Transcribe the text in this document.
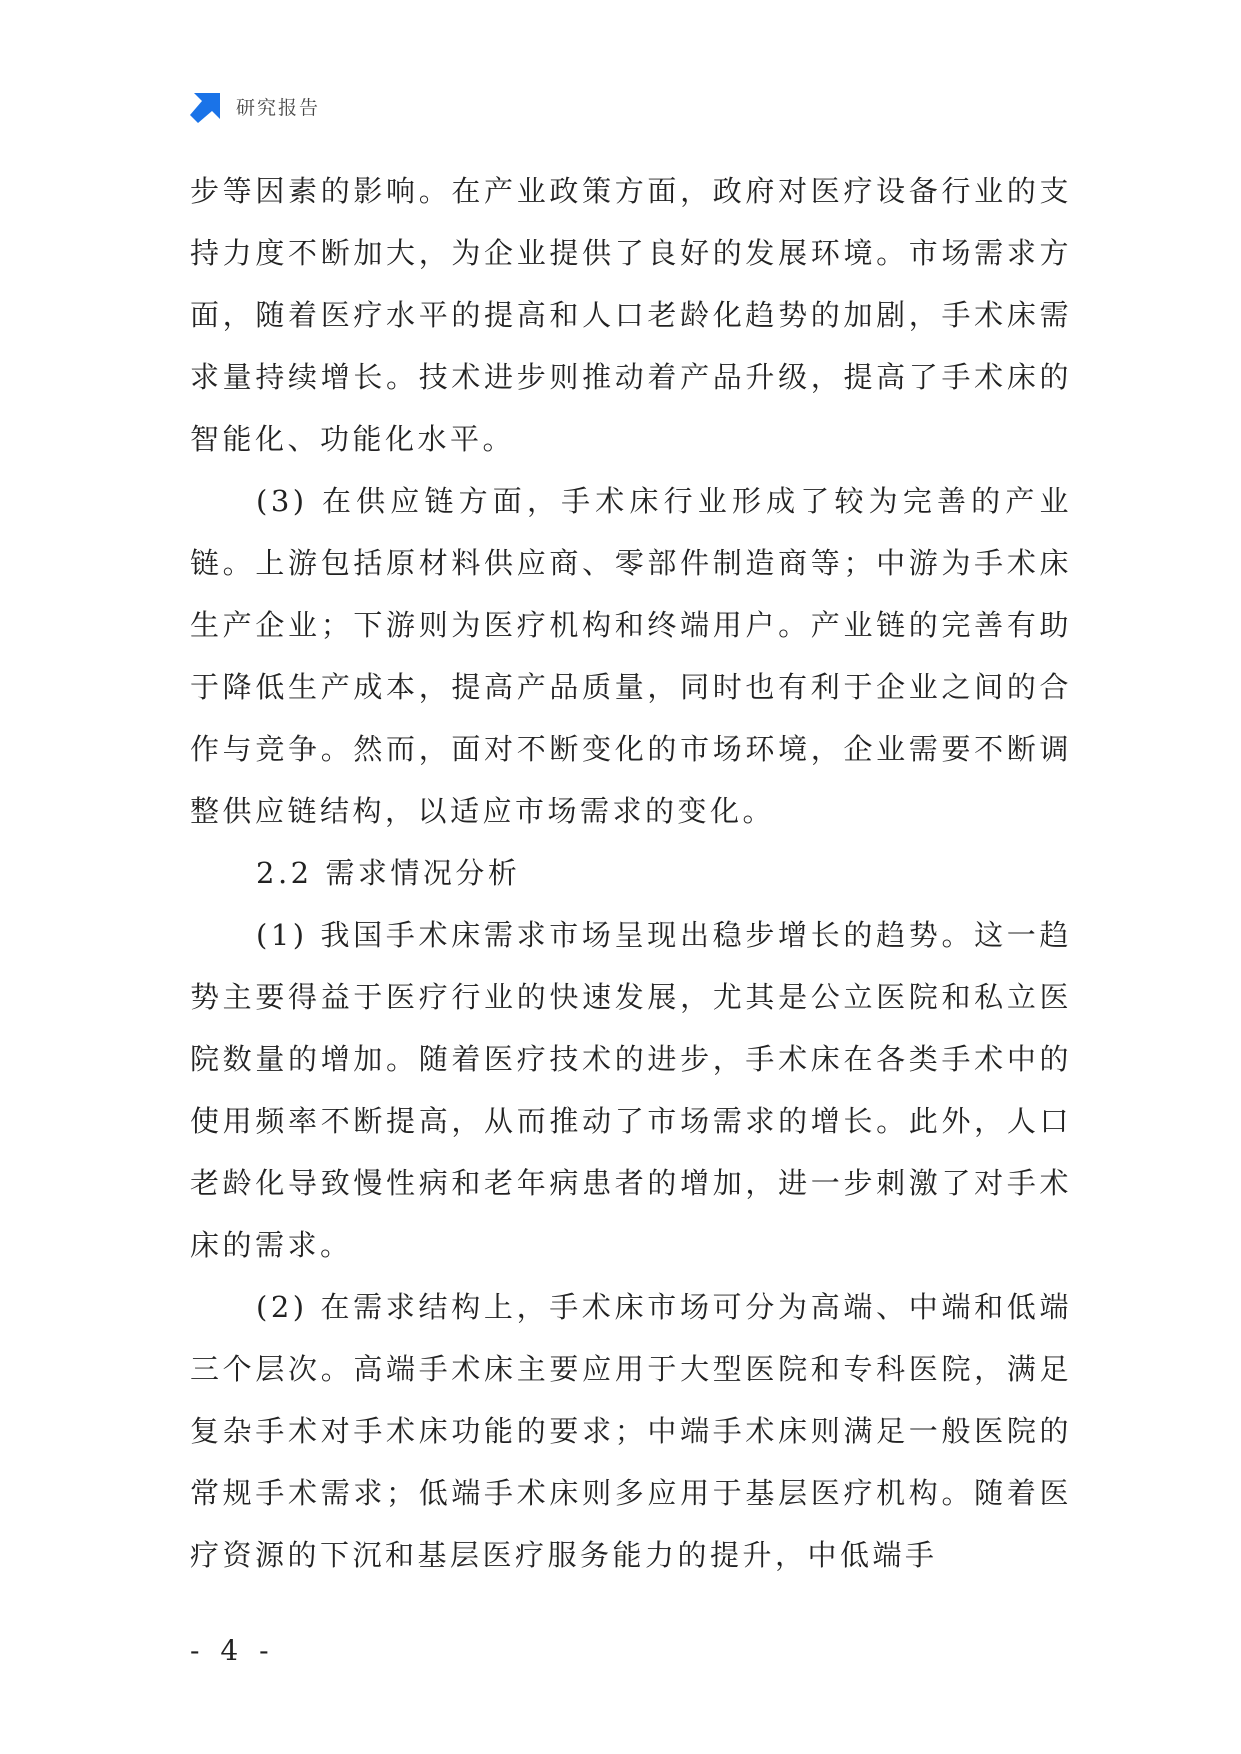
研究报告

步等因素的影响。在产业政策方面，政府对医疗设备行业的支持力度不断加大，为企业提供了良好的发展环境。市场需求方面，随着医疗水平的提高和人口老龄化趋势的加剧，手术床需求量持续增长。技术进步则推动着产品升级，提高了手术床的智能化、功能化水平。

(3) 在供应链方面，手术床行业形成了较为完善的产业链。上游包括原材料供应商、零部件制造商等；中游为手术床生产企业；下游则为医疗机构和终端用户。产业链的完善有助于降低生产成本，提高产品质量，同时也有利于企业之间的合作与竞争。然而，面对不断变化的市场环境，企业需要不断调整供应链结构，以适应市场需求的变化。

2.2 需求情况分析

(1) 我国手术床需求市场呈现出稳步增长的趋势。这一趋势主要得益于医疗行业的快速发展，尤其是公立医院和私立医院数量的增加。随着医疗技术的进步，手术床在各类手术中的使用频率不断提高，从而推动了市场需求的增长。此外，人口老龄化导致慢性病和老年病患者的增加，进一步刺激了对手术床的需求。

(2) 在需求结构上，手术床市场可分为高端、中端和低端三个层次。高端手术床主要应用于大型医院和专科医院，满足复杂手术对手术床功能的要求；中端手术床则满足一般医院的常规手术需求；低端手术床则多应用于基层医疗机构。随着医疗资源的下沉和基层医疗服务能力的提升，中低端手

- 4 -
